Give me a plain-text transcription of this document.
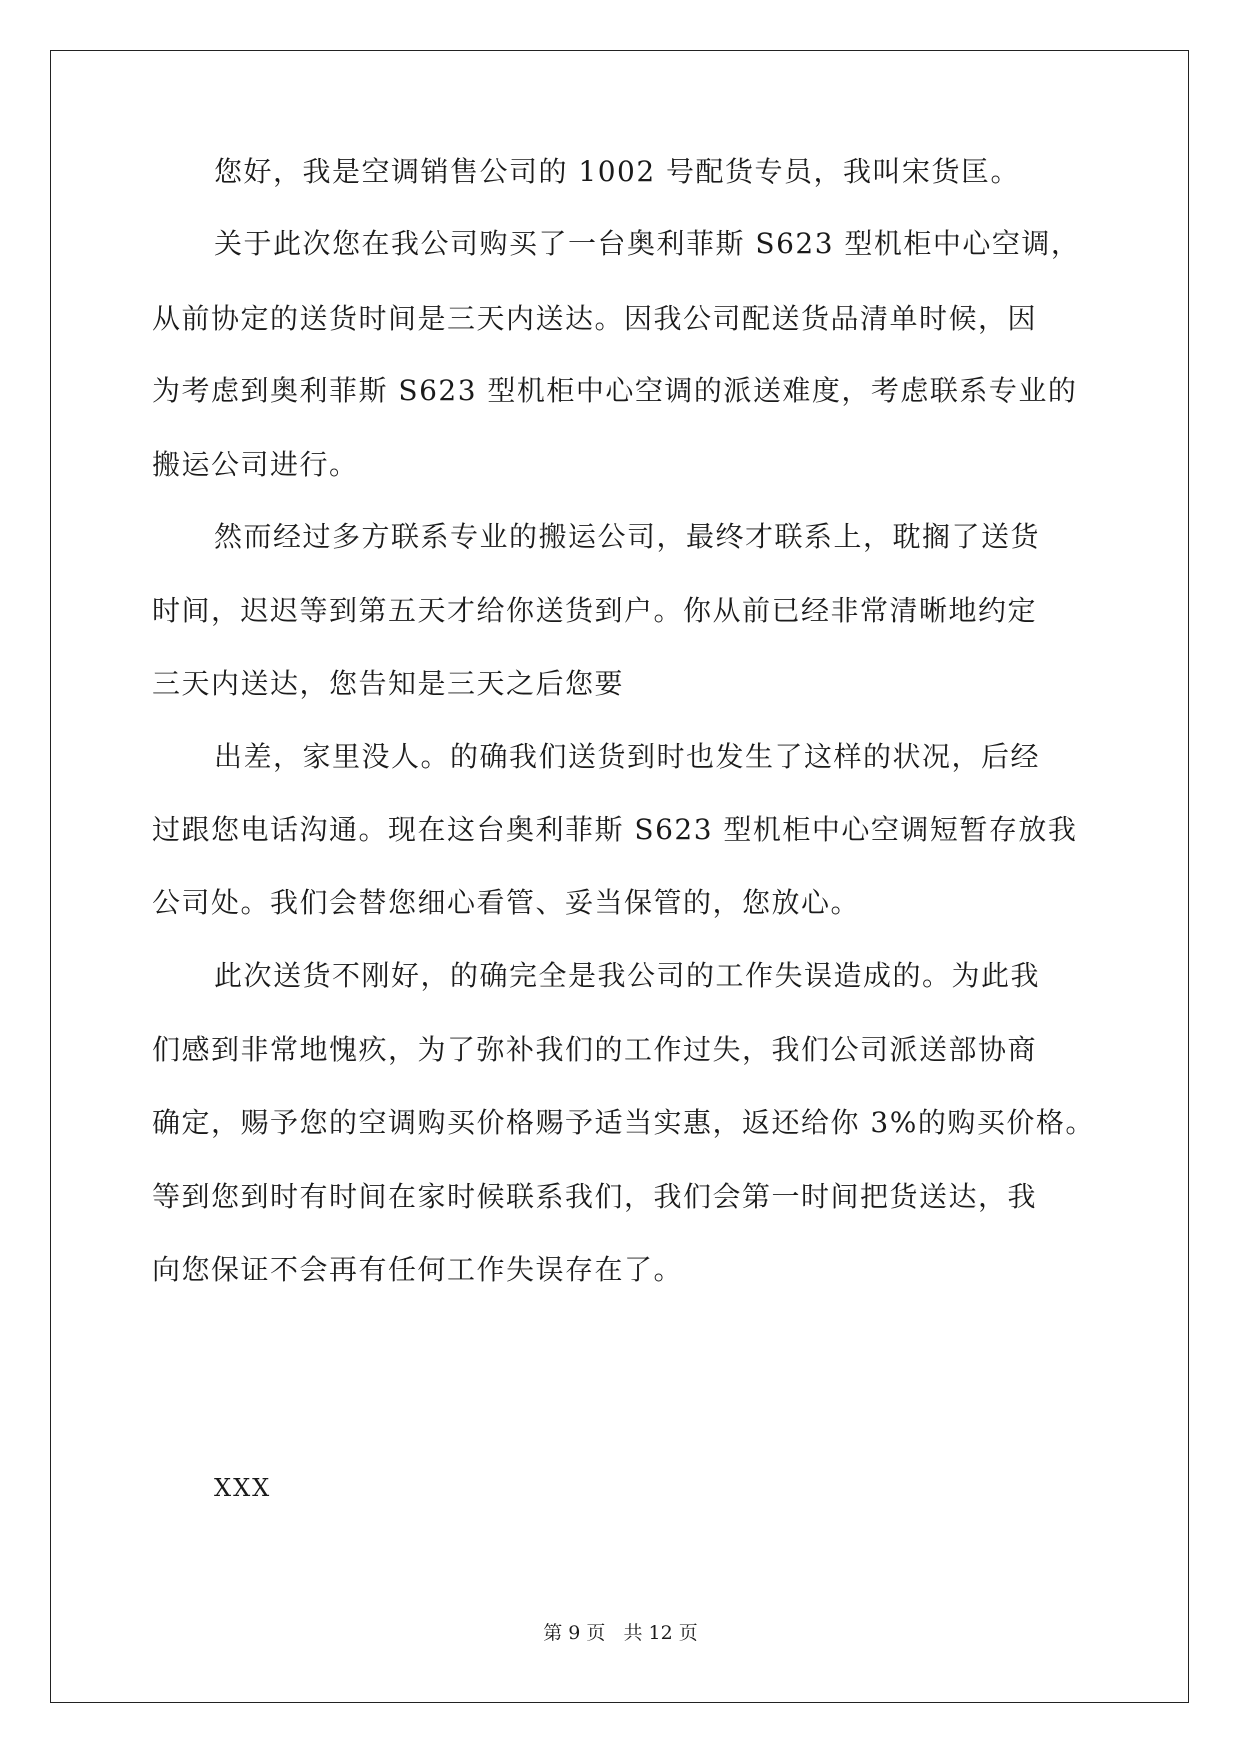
您好，我是空调销售公司的 1002 号配货专员，我叫宋货匡。
关于此次您在我公司购买了一台奥利菲斯 S623 型机柜中心空调，
从前协定的送货时间是三天内送达。因我公司配送货品清单时候，因
为考虑到奥利菲斯 S623 型机柜中心空调的派送难度，考虑联系专业的
搬运公司进行。
然而经过多方联系专业的搬运公司，最终才联系上，耽搁了送货
时间，迟迟等到第五天才给你送货到户。你从前已经非常清晰地约定
三天内送达，您告知是三天之后您要
出差，家里没人。的确我们送货到时也发生了这样的状况，后经
过跟您电话沟通。现在这台奥利菲斯 S623 型机柜中心空调短暂存放我
公司处。我们会替您细心看管、妥当保管的，您放心。
此次送货不刚好，的确完全是我公司的工作失误造成的。为此我
们感到非常地愧疚，为了弥补我们的工作过失，我们公司派送部协商
确定，赐予您的空调购买价格赐予适当实惠，返还给你 3%的购买价格。
等到您到时有时间在家时候联系我们，我们会第一时间把货送达，我
向您保证不会再有任何工作失误存在了。
XXX
第 9 页 共 12 页
